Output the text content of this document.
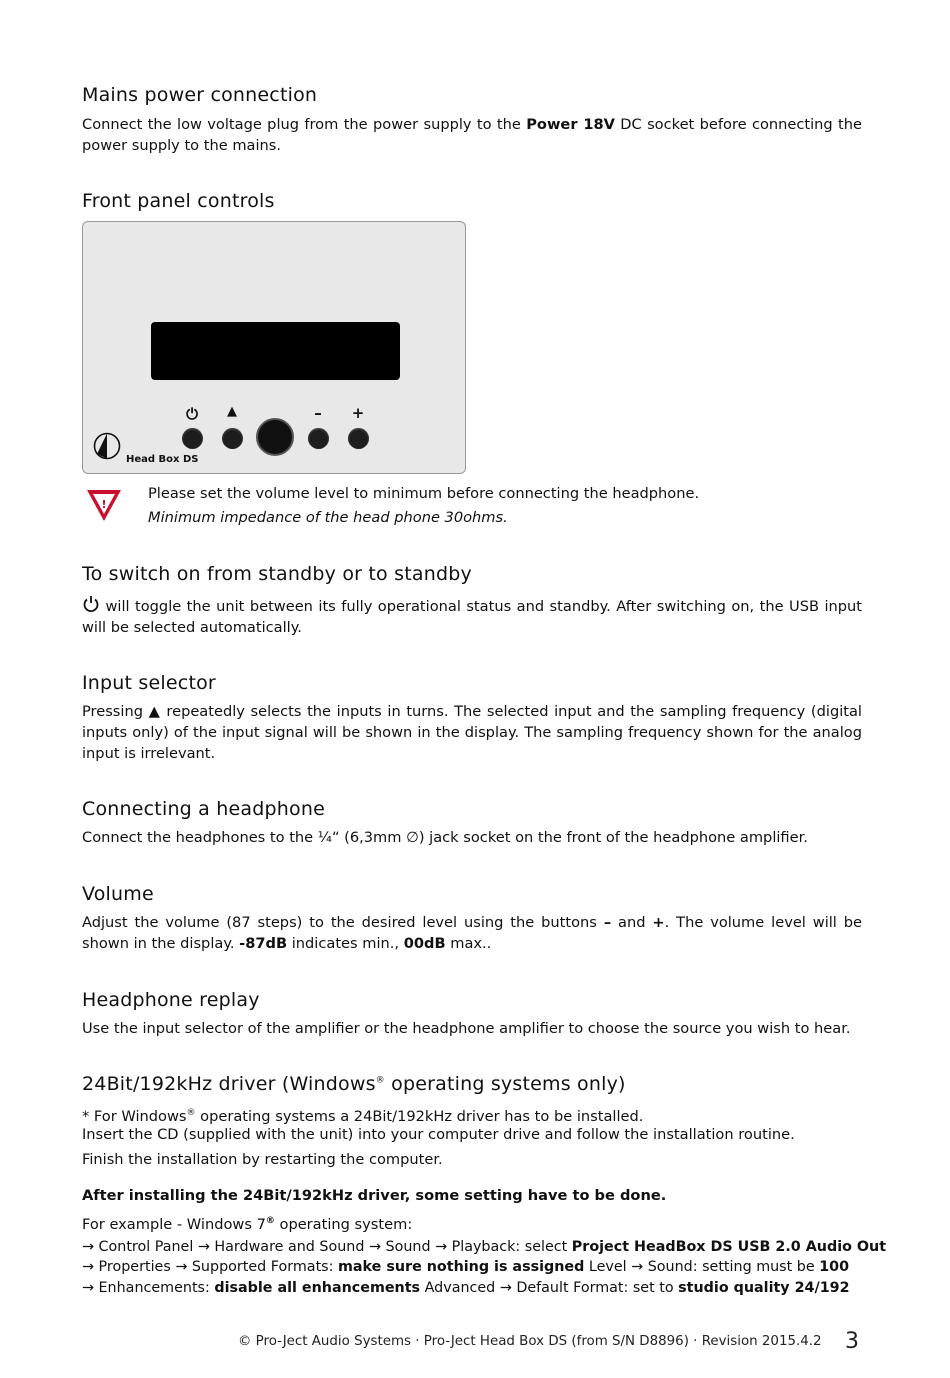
Mains power connection

Connect the low voltage plug from the power supply to the Power 18V DC socket before connecting the power supply to the mains.

Front panel controls
⏻	▲	–	+
Head Box DS
!
Please set the volume level to minimum before connecting the headphone.
Minimum impedance of the head phone 30ohms.
To switch on from standby or to standby

will toggle the unit between its fully operational status and standby. After switching on, the USB input will be selected automatically.

Input selector

Pressing ▲ repeatedly selects the inputs in turns. The selected input and the sampling frequency (digital inputs only) of the input signal will be shown in the display. The sampling frequency shown for the analog input is irrelevant.

Connecting a headphone

Connect the headphones to the ¼“ (6,3mm ∅) jack socket on the front of the headphone amplifier.

Volume

Adjust the volume (87 steps) to the desired level using the buttons – and +. The volume level will be shown in the display. -87dB indicates min., 00dB max..

Headphone replay

Use the input selector of the amplifier or the headphone amplifier to choose the source you wish to hear.

24Bit/192kHz driver (Windows® operating systems only)
* For Windows® operating systems a 24Bit/192kHz driver has to be installed.
Insert the CD (supplied with the unit) into your computer drive and follow the installation routine.
Finish the installation by restarting the computer.
After installing the 24Bit/192kHz driver, some setting have to be done.
For example - Windows 7® operating system:
→ Control Panel → Hardware and Sound → Sound → Playback: select Project HeadBox DS USB 2.0 Audio Out
→ Properties → Supported Formats: make sure nothing is assigned Level → Sound: setting must be 100
→ Enhancements: disable all enhancements Advanced → Default Format: set to studio quality 24/192
© Pro-Ject Audio Systems · Pro-Ject Head Box DS (from S/N D8896) · Revision 2015.4.2 3
